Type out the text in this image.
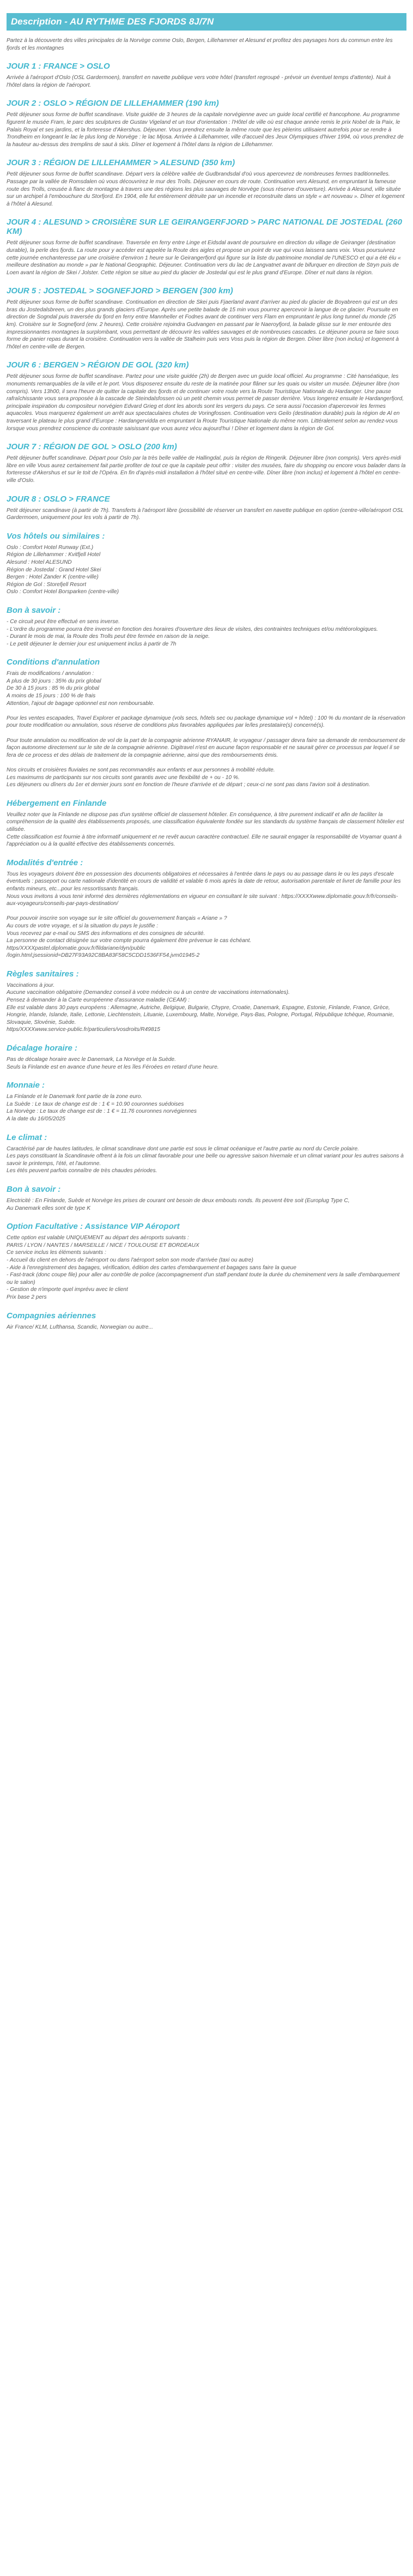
Description - AU RYTHME DES FJORDS 8J/7N

Partez à la découverte des villes principales de la Norvège comme Oslo, Bergen, Lillehammer et Alesund et profitez des paysages hors du commun entre les fjords et les montagnes

JOUR 1 : FRANCE > OSLO

Arrivée à l'aéroport d'Oslo (OSL Gardermoen), transfert en navette publique vers votre hôtel (transfert regroupé - prévoir un éventuel temps d'attente). Nuit à l'hôtel dans la région de l'aéroport.

JOUR 2 : OSLO > RÉGION DE LILLEHAMMER (190 km)

Petit déjeuner sous forme de buffet scandinave. Visite guidée de 3 heures de la capitale norvégienne avec un guide local certifié et francophone. Au programme figurent le musée Fram, le parc des sculptures de Gustav Vigeland et un tour d'orientation : l'Hôtel de ville où est chaque année remis le prix Nobel de la Paix, le Palais Royal et ses jardins, et la forteresse d'Akershus. Déjeuner. Vous prendrez ensuite la même route que les pèlerins utilisaient autrefois pour se rendre à Trondheim en longeant le lac le plus long de Norvège : le lac Mjosa. Arrivée à Lillehammer, ville d'accueil des Jeux Olympiques d'hiver 1994, où vous prendrez de la hauteur au-dessus des tremplins de saut à skis. Dîner et logement à l'hôtel dans la région de Lillehammer.

JOUR 3 : RÉGION DE LILLEHAMMER > ALESUND (350 km)

Petit déjeuner sous forme de buffet scandinave. Départ vers la célèbre vallée de Gudbrandsdal d'où vous apercevrez de nombreuses fermes traditionnelles. Passage par la vallée de Romsdalen où vous découvrirez le mur des Trolls. Déjeuner en cours de route. Continuation vers Alesund, en empruntant la fameuse route des Trolls, creusée à flanc de montagne à travers une des régions les plus sauvages de Norvège (sous réserve d'ouverture). Arrivée à Alesund, ville située sur un archipel à l'embouchure du Storfjord. En 1904, elle fut entièrement détruite par un incendie et reconstruite dans un style « art nouveau ». Dîner et logement à l'hôtel à Alesund.

JOUR 4 : ALESUND > CROISIÈRE SUR LE GEIRANGERFJORD > PARC NATIONAL DE JOSTEDAL (260 KM)

Petit déjeuner sous forme de buffet scandinave. Traversée en ferry entre Linge et Eidsdal avant de poursuivre en direction du village de Geiranger (destination durable), la perle des fjords. La route pour y accéder est appelée la Route des aigles et propose un point de vue qui vous laissera sans voix. Vous poursuivrez cette journée enchanteresse par une croisière d'environ 1 heure sur le Geirangerfjord qui figure sur la liste du patrimoine mondial de l'UNESCO et qui a été élu « meilleure destination au monde » par le National Geographic. Déjeuner. Continuation vers du lac de Langvatnet avant de bifurquer en direction de Stryn puis de Loen avant la région de Skei / Jolster. Cette région se situe au pied du glacier de Jostedal qui est le plus grand d'Europe. Dîner et nuit dans la région.

JOUR 5 : JOSTEDAL > SOGNEFJORD > BERGEN (300 km)

Petit déjeuner sous forme de buffet scandinave. Continuation en direction de Skei puis Fjaerland avant d'arriver au pied du glacier de Boyabreen qui est un des bras du Jostedalsbreen, un des plus grands glaciers d'Europe. Après une petite balade de 15 min vous pourrez apercevoir la langue de ce glacier. Poursuite en direction de Sogndal puis traversée du fjord en ferry entre Mannheller et Fodnes avant de continuer vers Flam en empruntant le plus long tunnel du monde (25 km). Croisière sur le Sognefjord (env. 2 heures). Cette croisière rejoindra Gudvangen en passant par le Naeroyfjord, la balade glisse sur le mer entourée des impressionnantes montagnes la surplombant, vous permettant de découvrir les vallées sauvages et de nombreuses cascades. Le déjeuner pourra se faire sous forme de panier repas durant la croisière. Continuation vers la vallée de Stalheim puis vers Voss puis la région de Bergen. Dîner libre (non inclus) et logement à l'hôtel en centre-ville de Bergen.

JOUR 6 : BERGEN > RÉGION DE GOL (320 km)

Petit déjeuner sous forme de buffet scandinave. Partez pour une visite guidée (2h) de Bergen avec un guide local officiel. Au programme : Cité hanséatique, les monuments remarquables de la ville et le port. Vous disposerez ensuite du reste de la matinée pour flâner sur les quais ou visiter un musée. Déjeuner libre (non compris). Vers 13h00, il sera l'heure de quitter la capitale des fjords et de continuer votre route vers la Route Touristique Nationale du Hardanger. Une pause rafraîchissante vous sera proposée à la cascade de Steindalsfossen où un petit chemin vous permet de passer derrière. Vous longerez ensuite le Hardangerfjord, principale inspiration du compositeur norvégien Edvard Grieg et dont les abords sont les vergers du pays. Ce sera aussi l'occasion d'apercevoir les fermes aquacoles. Vous marquerez également un arrêt aux spectaculaires chutes de Voringfossen. Continuation vers Geilo (destination durable) puis la région de Al en traversant le plateau le plus grand d'Europe : Hardangervidda en empruntant la Route Touristique Nationale du même nom. Littéralement selon au rendez-vous lorsque vous prendrez conscience du contraste saisissant que vous aurez vécu aujourd'hui ! Dîner et logement dans la région de Gol.

JOUR 7 : RÉGION DE GOL > OSLO (200 km)

Petit déjeuner buffet scandinave. Départ pour Oslo par la très belle vallée de Hallingdal, puis la région de Ringerik. Déjeuner libre (non compris). Vers après-midi libre en ville Vous aurez certainement fait partie profiter de tout ce que la capitale peut offrir : visiter des musées, faire du shopping ou encore vous balader dans la forteresse d'Akershus et sur le toit de l'Opéra. En fin d'après-midi installation à l'hôtel situé en centre-ville. Dîner libre (non inclus) et logement à l'hôtel en centre-ville d'Oslo.

JOUR 8 : OSLO > FRANCE

Petit déjeuner scandinave (à partir de 7h). Transferts à l'aéroport libre (possibilité de réserver un transfert en navette publique en option (centre-ville/aéroport OSL Gardermoen, uniquement pour les vols à partir de 7h).

Vos hôtels ou similaires :

Oslo : Comfort Hotel Runway (Ext.)

Région de Lillehammer : Kvitfjell Hotel

Alesund : Hotel ALESUND

Région de Jostedal : Grand Hotel Skei

Bergen : Hotel Zander K (centre-ville)

Région de Gol : Storefjell Resort

Oslo : Comfort Hotel Borsparken (centre-ville)

Bon à savoir :

- Ce circuit peut être effectué en sens inverse.

- L'ordre du programme pourra être inversé en fonction des horaires d'ouverture des lieux de visites, des contraintes techniques et/ou météorologiques.

- Durant le mois de mai, la Route des Trolls peut être fermée en raison de la neige.

- Le petit déjeuner le dernier jour est uniquement inclus à partir de 7h

Conditions d'annulation

Frais de modifications / annulation :

A plus de 30 jours : 35% du prix global

De 30 à 15 jours : 85 % du prix global

A moins de 15 jours : 100 % de frais

Attention, l'ajout de bagage optionnel est non remboursable.

Pour les ventes escapades, Travel Explorer et package dynamique (vols secs, hôtels sec ou package dynamique vol + hôtel) : 100 % du montant de la réservation pour toute modification ou annulation, sous réserve de conditions plus favorables appliquées par le/les prestataire(s) concerné(s).

Pour toute annulation ou modification de vol de la part de la compagnie aérienne RYANAIR, le voyageur / passager devra faire sa demande de remboursement de façon autonome directement sur le site de la compagnie aérienne. Digitravel n'est en aucune façon responsable et ne saurait gérer ce processus par lequel il se fera de ce process et des délais de traitement de la compagnie aérienne, ainsi que des remboursements émis.

Nos circuits et croisières fluviales ne sont pas recommandés aux enfants et aux personnes à mobilité réduite.

Les maximums de participants sur nos circuits sont garantis avec une flexibilité de + ou - 10 %.

Les déjeuners ou dîners du 1er et dernier jours sont en fonction de l'heure d'arrivée et de départ ; ceux-ci ne sont pas dans l'avion soit à destination.

Hébergement en Finlande

Veuillez noter que la Finlande ne dispose pas d'un système officiel de classement hôtelier. En conséquence, à titre purement indicatif et afin de faciliter la compréhension de la qualité des établissements proposés, une classification équivalente fondée sur les standards du système français de classement hôtelier est utilisée.

Cette classification est fournie à titre informatif uniquement et ne revêt aucun caractère contractuel. Elle ne saurait engager la responsabilité de Voyamar quant à l'appréciation ou à la qualité effective des établissements concernés.

Modalités d'entrée :

Tous les voyageurs doivent être en possession des documents obligatoires et nécessaires à l'entrée dans le pays ou au passage dans le ou les pays d'escale éventuels : passeport ou carte nationale d'identité en cours de validité et valable 6 mois après la date de retour, autorisation parentale et livret de famille pour les enfants mineurs, etc...pour les ressortissants français.

Nous vous invitons à vous tenir informé des dernières réglementations en vigueur en consultant le site suivant : https://XXXXwww.diplomatie.gouv.fr/fr/conseils-aux-voyageurs/conseils-par-pays-destination/

Pour pouvoir inscrire son voyage sur le site officiel du gouvernement français « Ariane » ?

Au cours de votre voyage, et si la situation du pays le justifie :

Vous recevrez par e-mail ou SMS des informations et des consignes de sécurité.

La personne de contact désignée sur votre compte pourra également être prévenue le cas échéant.

https/XXXXpastel.diplomatie.gouv.fr/fildariane/dyn/public

/login.html;jsessionid=DB27F93A92C8BA83F58C5CDD1536FF54.jvm01945-2

Règles sanitaires :

Vaccinations à jour.

Aucune vaccination obligatoire (Demandez conseil à votre médecin ou à un centre de vaccinations internationales).

Pensez à demander à la Carte européenne d'assurance maladie (CEAM) :

Elle est valable dans 30 pays européens : Allemagne, Autriche, Belgique, Bulgarie, Chypre, Croatie, Danemark, Espagne, Estonie, Finlande, France, Grèce, Hongrie, Irlande, Islande, Italie, Lettonie, Liechtenstein, Lituanie, Luxembourg, Malte, Norvège, Pays-Bas, Pologne, Portugal, République tchèque, Roumanie, Slovaquie, Slovénie, Suède.

https/XXXXwww.service-public.fr/particuliers/vosdroits/R49815

Décalage horaire :

Pas de décalage horaire avec le Danemark, La Norvège et la Suède.

Seuls la Finlande est en avance d'une heure et les îles Féroées en retard d'une heure.

Monnaie :

La Finlande et le Danemark font partie de la zone euro.

La Suède : Le taux de change est de : 1 € = 10.90 couronnes suédoises

La Norvège : Le taux de change est de : 1 € = 11.76 couronnes norvégiennes

A la date du 16/05/2025

Le climat :

Caractérisé par de hautes latitudes, le climat scandinave dont une partie est sous le climat océanique et l'autre partie au nord du Cercle polaire.

Les pays constituant la Scandinavie offrent à la fois un climat favorable pour une belle ou agressive saison hivernale et un climat variant pour les autres saisons à savoir le printemps, l'été, et l'automne.

Les étés peuvent parfois connaître de très chaudes périodes.

Bon à savoir :

Electricité : En Finlande, Suède et Norvège les prises de courant ont besoin de deux embouts ronds. Ils peuvent être soit (Europlug Type C,

Au Danemark elles sont de type K

Option Facultative : Assistance VIP Aéroport

Cette option est valable UNIQUEMENT au départ des aéroports suivants :

PARIS / LYON / NANTES / MARSEILLE / NICE / TOULOUSE ET BORDEAUX

Ce service inclus les éléments suivants :

- Accueil du client en dehors de l'aéroport ou dans l'aéroport selon son mode d'arrivée (taxi ou autre)

- Aide à l'enregistrement des bagages, vérification, édition des cartes d'embarquement et bagages sans faire la queue

- Fast-track (donc coupe file) pour aller au contrôle de police (accompagnement d'un staff pendant toute la durée du cheminement vers la salle d'embarquement ou le salon)

- Gestion de n'importe quel imprévu avec le client

Prix base 2 pers

Compagnies aériennes

Air France/ KLM, Lufthansa, Scandic, Norwegian ou autre...
